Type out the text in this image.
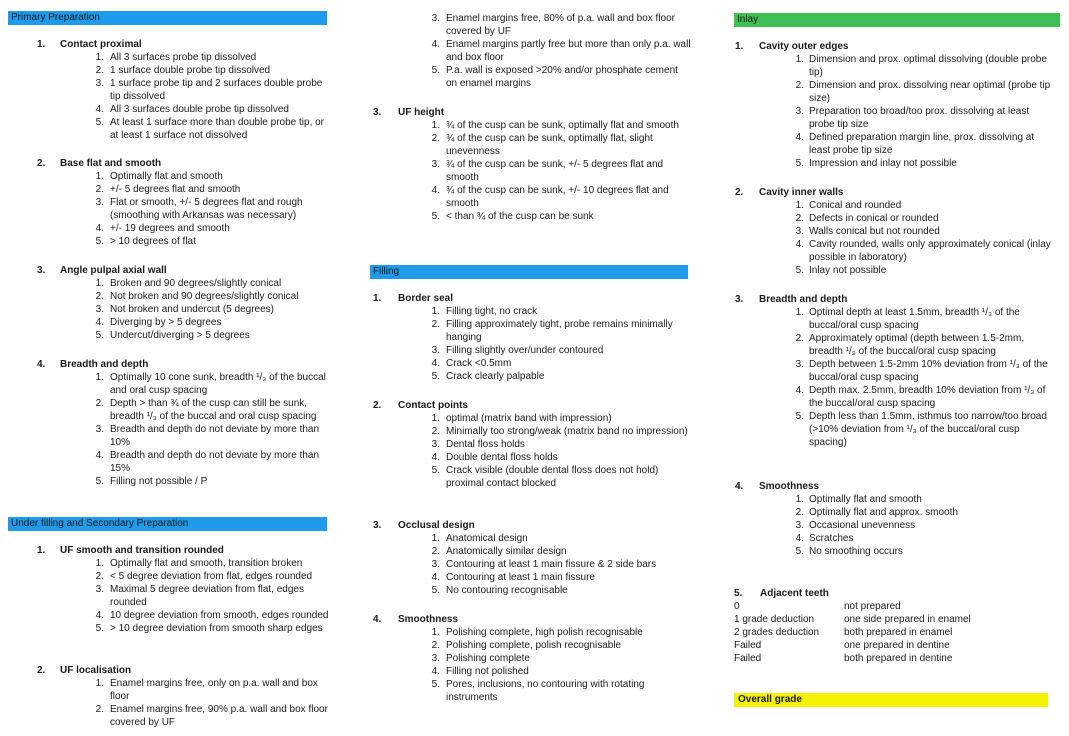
Primary Preparation
1. Contact proximal
1. All 3 surfaces probe tip dissolved
2. 1 surface double probe tip dissolved
3. 1 surface probe tip and 2 surfaces double probe tip dissolved
4. All 3 surfaces double probe tip dissolved
5. At least 1 surface more than double probe tip, or at least 1 surface not dissolved
2. Base flat and smooth
1. Optimally flat and smooth
2. +/- 5 degrees flat and smooth
3. Flat or smooth, +/- 5 degrees flat and rough (smoothing with Arkansas was necessary)
4. +/- 19 degrees and smooth
5. > 10 degrees of flat
3. Angle pulpal axial wall
1. Broken and 90 degrees/slightly conical
2. Not broken and 90 degrees/slightly conical
3. Not broken and undercut (5 degrees)
4. Diverging by > 5 degrees
5. Undercut/diverging > 5 degrees
4. Breadth and depth
1. Optimally 10 cone sunk, breadth ¹/₃ of the buccal and oral cusp spacing
2. Depth > than ¾ of the cusp can still be sunk, breadth ¹/₃ of the buccal and oral cusp spacing
3. Breadth and depth do not deviate by more than 10%
4. Breadth and depth do not deviate by more than 15%
5. Filling not possible / P
Under filling and Secondary Preparation
1. UF smooth and transition rounded
1. Optimally flat and smooth, transition broken
2. < 5 degree deviation from flat, edges rounded
3. Maximal 5 degree deviation from flat, edges rounded
4. 10 degree deviation from smooth, edges rounded
5. > 10 degree deviation from smooth sharp edges
2. UF localisation
1. Enamel margins free, only on p.a. wall and box floor
2. Enamel margins free, 90% p.a. wall and box floor covered by UF
3. Enamel margins free, 80% of p.a. wall and box floor covered by UF
4. Enamel margins partly free but more than only p.a. wall and box floor
5. P.a. wall is exposed >20% and/or phosphate cement on enamel margins
3. UF height
1. ¾ of the cusp can be sunk, optimally flat and smooth
2. ¾ of the cusp can be sunk, optimally flat, slight unevenness
3. ¾ of the cusp can be sunk, +/- 5 degrees flat and smooth
4. ¾ of the cusp can be sunk, +/- 10 degrees flat and smooth
5. < than ¾ of the cusp can be sunk
Filling
1. Border seal
1. Filling tight, no crack
2. Filling approximately tight, probe remains minimally hanging
3. Filling slightly over/under contoured
4. Crack <0.5mm
5. Crack clearly palpable
2. Contact points
1. optimal (matrix band with impression)
2. Minimally too strong/weak (matrix band no impression)
3. Dental floss holds
4. Double dental floss holds
5. Crack visible (double dental floss does not hold) proximal contact blocked
3. Occlusal design
1. Anatomical design
2. Anatomically similar design
3. Contouring at least 1 main fissure & 2 side bars
4. Contouring at least 1 main fissure
5. No contouring recognisable
4. Smoothness
1. Polishing complete, high polish recognisable
2. Polishing complete, polish recognisable
3. Polishing complete
4. Filling not polished
5. Pores, inclusions, no contouring with rotating instruments
Inlay
1. Cavity outer edges
1. Dimension and prox. optimal dissolving (double probe tip)
2. Dimension and prox. dissolving near optimal (probe tip size)
3. Preparation too broad/too prox. dissolving at least probe tip size
4. Defined preparation margin line, prox. dissolving at least probe tip size
5. Impression and inlay not possible
2. Cavity inner walls
1. Conical and rounded
2. Defects in conical or rounded
3. Walls conical but not rounded
4. Cavity rounded, walls only approximately conical (inlay possible in laboratory)
5. Inlay not possible
3. Breadth and depth
1. Optimal depth at least 1.5mm, breadth ¹/₃ of the buccal/oral cusp spacing
2. Approximately optimal (depth between 1.5-2mm, breadth ¹/₃ of the buccal/oral cusp spacing
3. Depth between 1.5-2mm 10% deviation from ¹/₃ of the buccal/oral cusp spacing
4. Depth max. 2.5mm, breadth 10% deviation from ¹/₃ of the buccal/oral cusp spacing
5. Depth less than 1.5mm, isthmus too narrow/too broad (>10% deviation from ¹/₃ of the buccal/oral cusp spacing)
4. Smoothness
1. Optimally flat and smooth
2. Optimally flat and approx. smooth
3. Occasional unevenness
4. Scratches
5. No smoothing occurs
5. Adjacent teeth
0	not prepared
1 grade deduction	one side prepared in enamel
2 grades deduction both prepared in enamel
Failed	one prepared in dentine
Failed	both prepared in dentine
Overall grade
